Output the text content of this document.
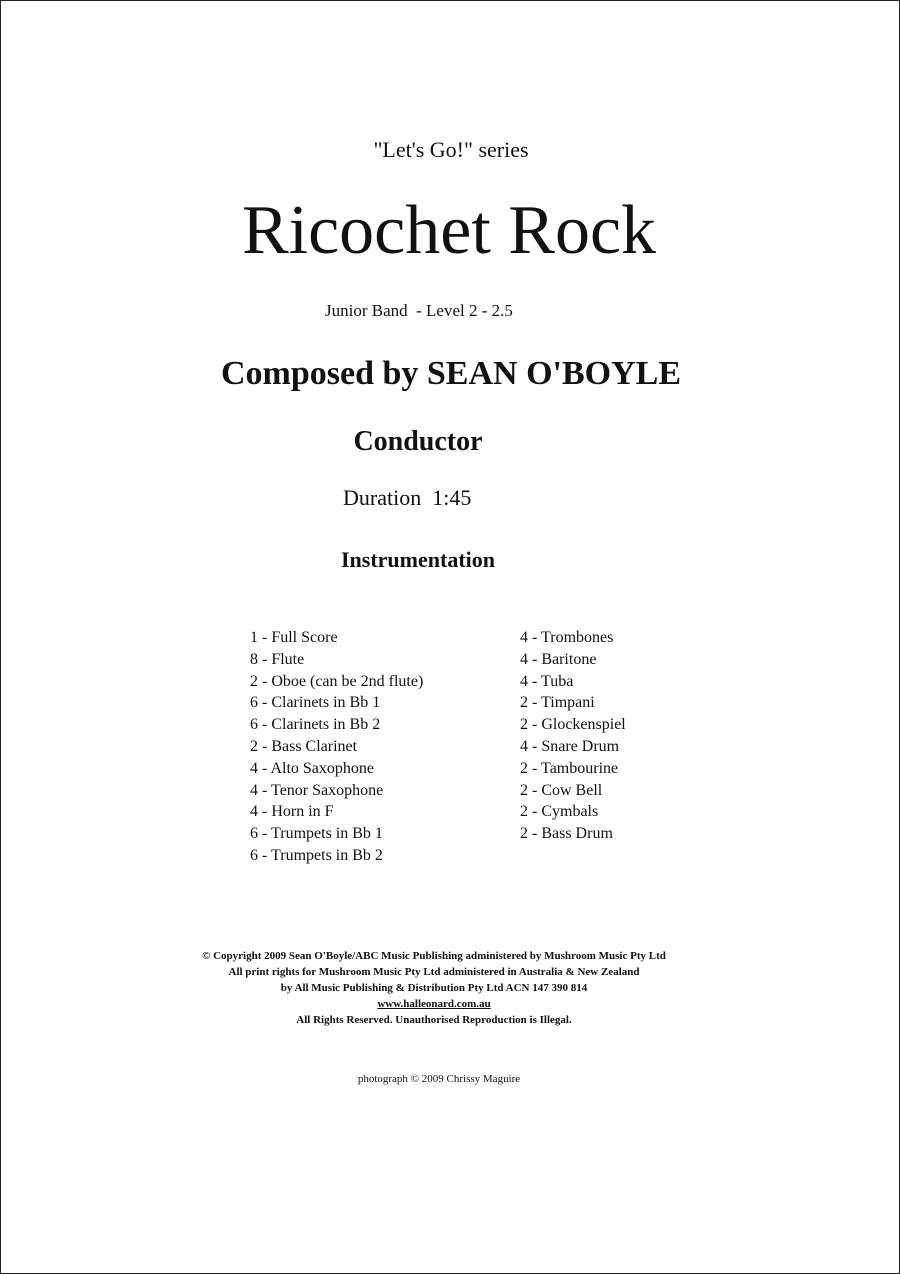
"Let's Go!" series
Ricochet Rock
Junior Band  - Level 2 - 2.5
Composed by SEAN O'BOYLE
Conductor
Duration  1:45
Instrumentation
1 - Full Score
8 - Flute
2 - Oboe (can be 2nd flute)
6 - Clarinets in Bb 1
6 - Clarinets in Bb 2
2 - Bass Clarinet
4 - Alto Saxophone
4 - Tenor Saxophone
4 - Horn in F
6 - Trumpets in Bb 1
6 - Trumpets in Bb 2
4 - Trombones
4 - Baritone
4 - Tuba
2 - Timpani
2 - Glockenspiel
4 - Snare Drum
2 - Tambourine
2 - Cow Bell
2 - Cymbals
2 - Bass Drum
© Copyright 2009 Sean O'Boyle/ABC Music Publishing administered by Mushroom Music Pty Ltd
All print rights for Mushroom Music Pty Ltd administered in Australia & New Zealand
by All Music Publishing & Distribution Pty Ltd ACN 147 390 814
www.halleonard.com.au
All Rights Reserved. Unauthorised Reproduction is Illegal.
photograph © 2009 Chrissy Maguire
